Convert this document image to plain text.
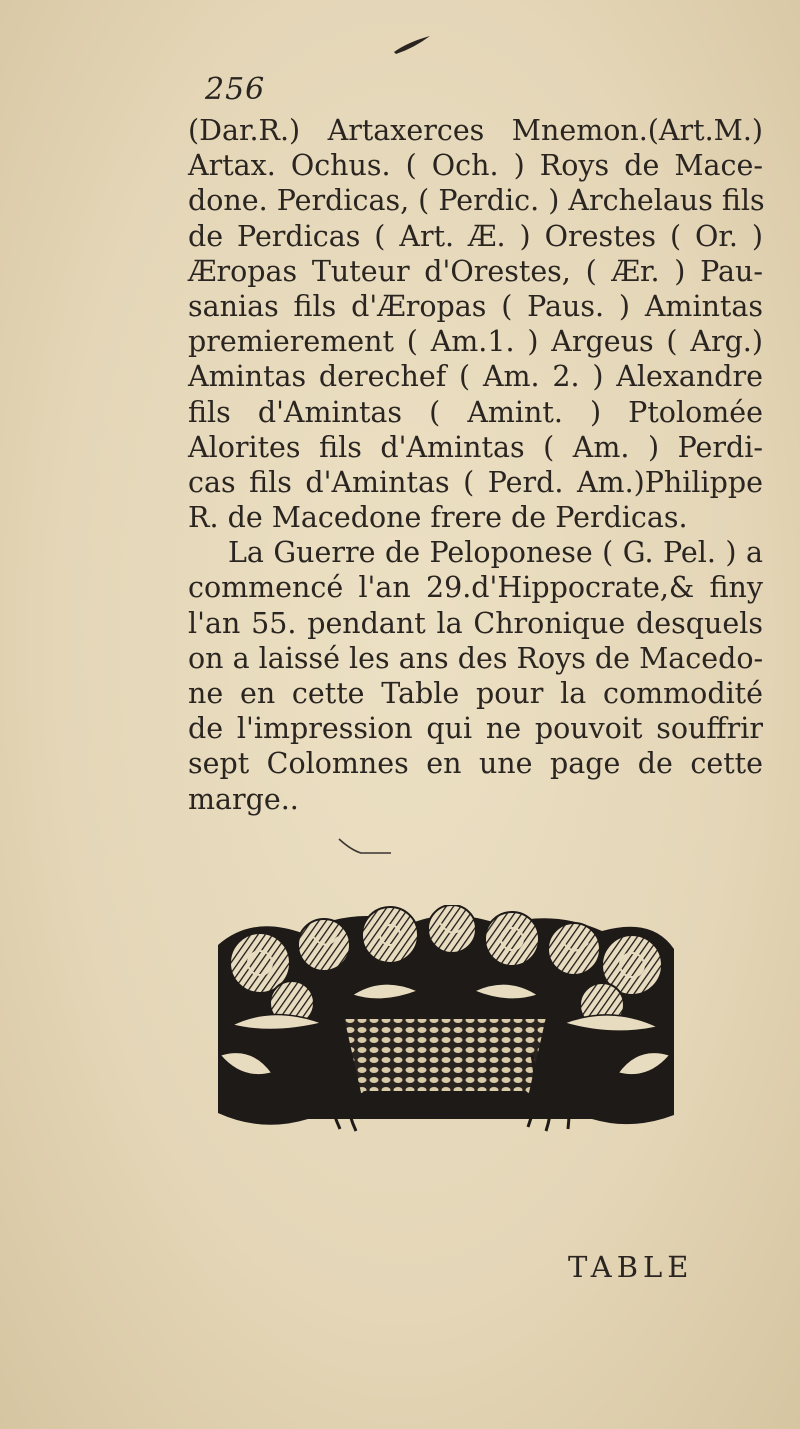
256
(Dar.R.) Artaxerces Mnemon.(Art.M.)
Artax. Ochus. ( Och. ) Roys de Mace-
done. Perdicas, ( Perdic. ) Archelaus fils
de Perdicas ( Art. Æ. ) Orestes ( Or. )
Æropas Tuteur d'Orestes, ( Ær. ) Pau-
sanias fils d'Æropas ( Paus. ) Amintas
premierement ( Am.1. ) Argeus ( Arg.)
Amintas derechef ( Am. 2. ) Alexandre
fils d'Amintas ( Amint. ) Ptolomée
Alorites fils d'Amintas ( Am. ) Perdi-
cas fils d'Amintas ( Perd. Am.)Philippe
R. de Macedone frere de Perdicas.
La Guerre de Peloponese ( G. Pel. ) a
commencé l'an 29.d'Hippocrate,& finy
l'an 55. pendant la Chronique desquels
on a laissé les ans des Roys de Macedo-
ne en cette Table pour la commodité
de l'impression qui ne pouvoit souffrir
sept Colomnes en une page de cette
marge..
TABLE
